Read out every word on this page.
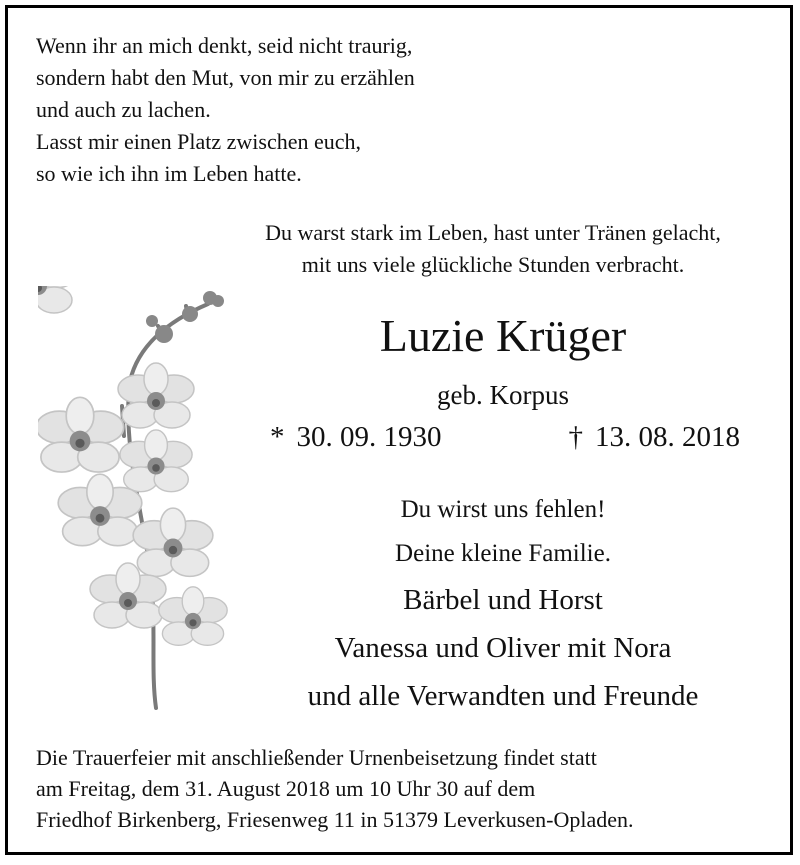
Wenn ihr an mich denkt, seid nicht traurig,
sondern habt den Mut, von mir zu erzählen
und auch zu lachen.
Lasst mir einen Platz zwischen euch,
so wie ich ihn im Leben hatte.
Du warst stark im Leben, hast unter Tränen gelacht,
mit uns viele glückliche Stunden verbracht.
Luzie Krüger
geb. Korpus
* 30. 09. 1930	† 13. 08. 2018
Du wirst uns fehlen!
Deine kleine Familie.
Bärbel und Horst
Vanessa und Oliver mit Nora
und alle Verwandten und Freunde
Die Trauerfeier mit anschließender Urnenbeisetzung findet statt
am Freitag, dem 31. August 2018 um 10 Uhr 30 auf dem
Friedhof Birkenberg, Friesenweg 11 in 51379 Leverkusen-Opladen.
